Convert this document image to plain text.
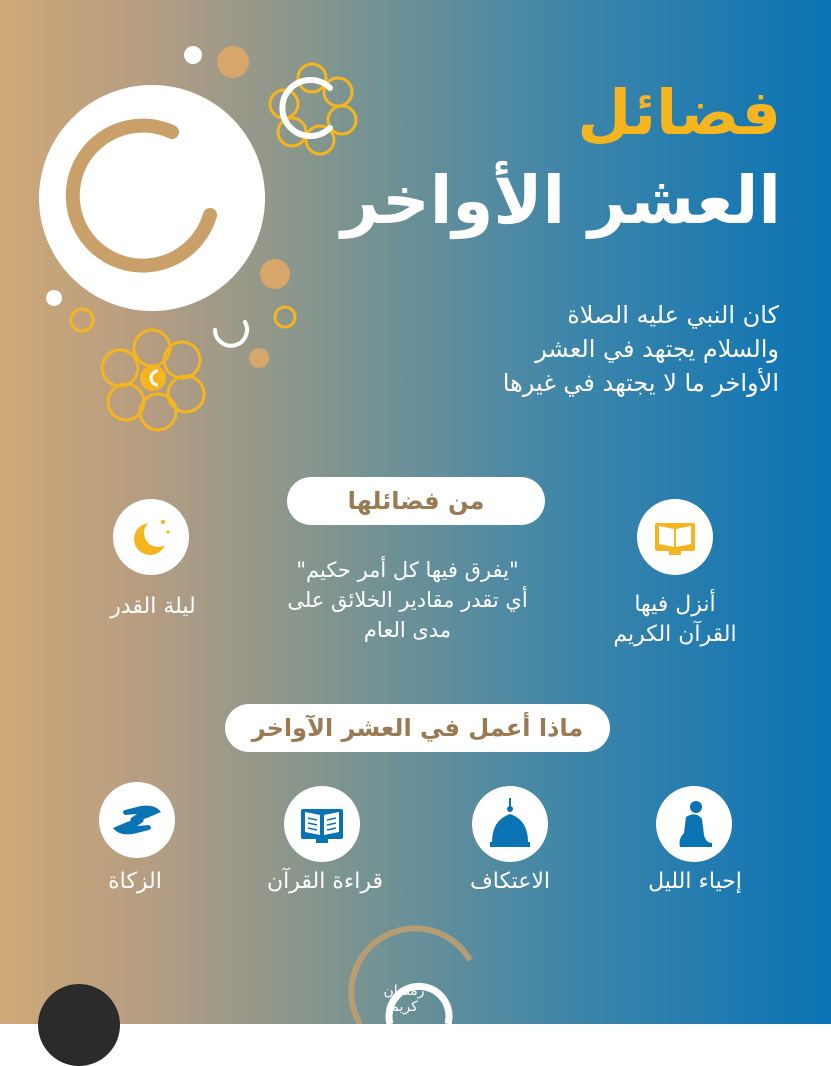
فضائل
العشر الأواخر
كان النبي عليه الصلاة
والسلام يجتهد في العشر
الأواخر ما لا يجتهد في غيرها
من فضائلها
أنزل فيها
القرآن الكريم
"يفرق فيها كل أمر حكيم"
أي تقدر مقادير الخلائق على
مدى العام
ليلة القدر
ماذا أعمل في العشر الآواخر
إحياء الليل
الاعتكاف
قراءة القرآن
الزكاة
رمضان
كريم
